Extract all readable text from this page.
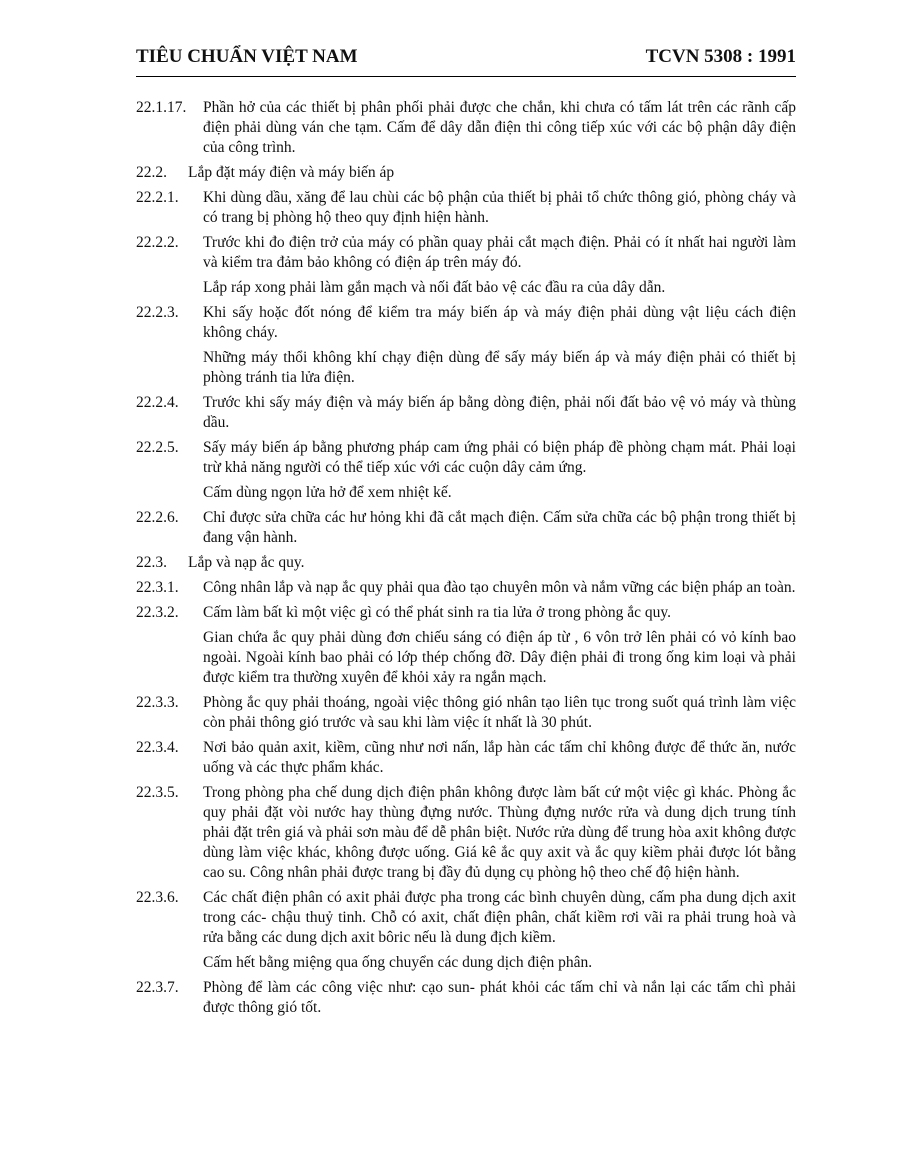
TIÊU CHUẨN VIỆT NAM	TCVN 5308 : 1991
22.1.17. Phần hở của các thiết bị phân phối phải được che chắn, khi chưa có tấm lát trên các rãnh cấp điện phải dùng ván che tạm. Cấm để dây dẫn điện thi công tiếp xúc với các bộ phận dây điện của công trình.

22.2. Lắp đặt máy điện và máy biến áp
22.2.1. Khi dùng dầu, xăng để lau chùi các bộ phận của thiết bị phải tổ chức thông gió, phòng cháy và có trang bị phòng hộ theo quy định hiện hành.

22.2.2. Trước khi đo điện trở của máy có phần quay phải cắt mạch điện. Phải có ít nhất hai người làm và kiểm tra đảm bảo không có điện áp trên máy đó.

Lắp ráp xong phải làm gắn mạch và nối đất bảo vệ các đầu ra của dây dẫn.

22.2.3. Khi sấy hoặc đốt nóng để kiểm tra máy biến áp và máy điện phải dùng vật liệu cách điện không cháy.

Những máy thổi không khí chạy điện dùng để sấy máy biến áp và máy điện phải có thiết bị phòng tránh tia lửa điện.

22.2.4. Trước khi sấy máy điện và máy biến áp bằng dòng điện, phải nối đất bảo vệ vỏ máy và thùng dầu.

22.2.5. Sấy máy biến áp bằng phương pháp cam ứng phải có biện pháp đề phòng chạm mát. Phải loại trừ khả năng người có thể tiếp xúc với các cuộn dây cảm ứng.

Cấm dùng ngọn lửa hở để xem nhiệt kế.

22.2.6. Chỉ được sửa chữa các hư hỏng khi đã cắt mạch điện. Cấm sửa chữa các bộ phận trong thiết bị đang vận hành.

22.3. Lắp và nạp ắc quy.
22.3.1. Công nhân lắp và nạp ắc quy phải qua đào tạo chuyên môn và nắm vững các biện pháp an toàn.

22.3.2. Cấm làm bất kì một việc gì có thể phát sinh ra tia lửa ở trong phòng ắc quy.

Gian chứa ắc quy phải dùng đơn chiếu sáng có điện áp từ , 6 vôn trở lên phải có vỏ kính bao ngoài. Ngoài kính bao phải có lớp thép chống đỡ. Dây điện phải đi trong ống kim loại và phải được kiểm tra thường xuyên để khỏi xảy ra ngắn mạch.

22.3.3. Phòng ắc quy phải thoáng, ngoài việc thông gió nhân tạo liên tục trong suốt quá trình làm việc còn phải thông gió trước và sau khi làm việc ít nhất là 30 phút.

22.3.4. Nơi bảo quản axit, kiềm, cũng như nơi nấn, lắp hàn các tấm chỉ không được để thức ăn, nước uống và các thực phẩm khác.

22.3.5. Trong phòng pha chế dung dịch điện phân không được làm bất cứ một việc gì khác. Phòng ắc quy phải đặt vòi nước hay thùng đựng nước. Thùng đựng nước rửa và dung dịch trung tính phải đặt trên giá và phải sơn màu để dễ phân biệt. Nước rửa dùng để trung hòa axit không được dùng làm việc khác, không được uống. Giá kê ắc quy axit và ắc quy kiềm phải được lót bằng cao su. Công nhân phải được trang bị đầy đủ dụng cụ phòng hộ theo chế độ hiện hành.

22.3.6. Các chất điện phân có axit phải được pha trong các bình chuyên dùng, cấm pha dung dịch axit trong các- chậu thuỷ tinh. Chỗ có axit, chất điện phân, chất kiềm rơi vãi ra phải trung hoà và rửa bằng các dung dịch axit bôric nếu là dung địch kiềm.

Cấm hết bằng miệng qua ống chuyển các dung dịch điện phân.

22.3.7. Phòng để làm các công việc như: cạo sun- phát khỏi các tấm chỉ và nắn lại các tấm chì phải được thông gió tốt.
